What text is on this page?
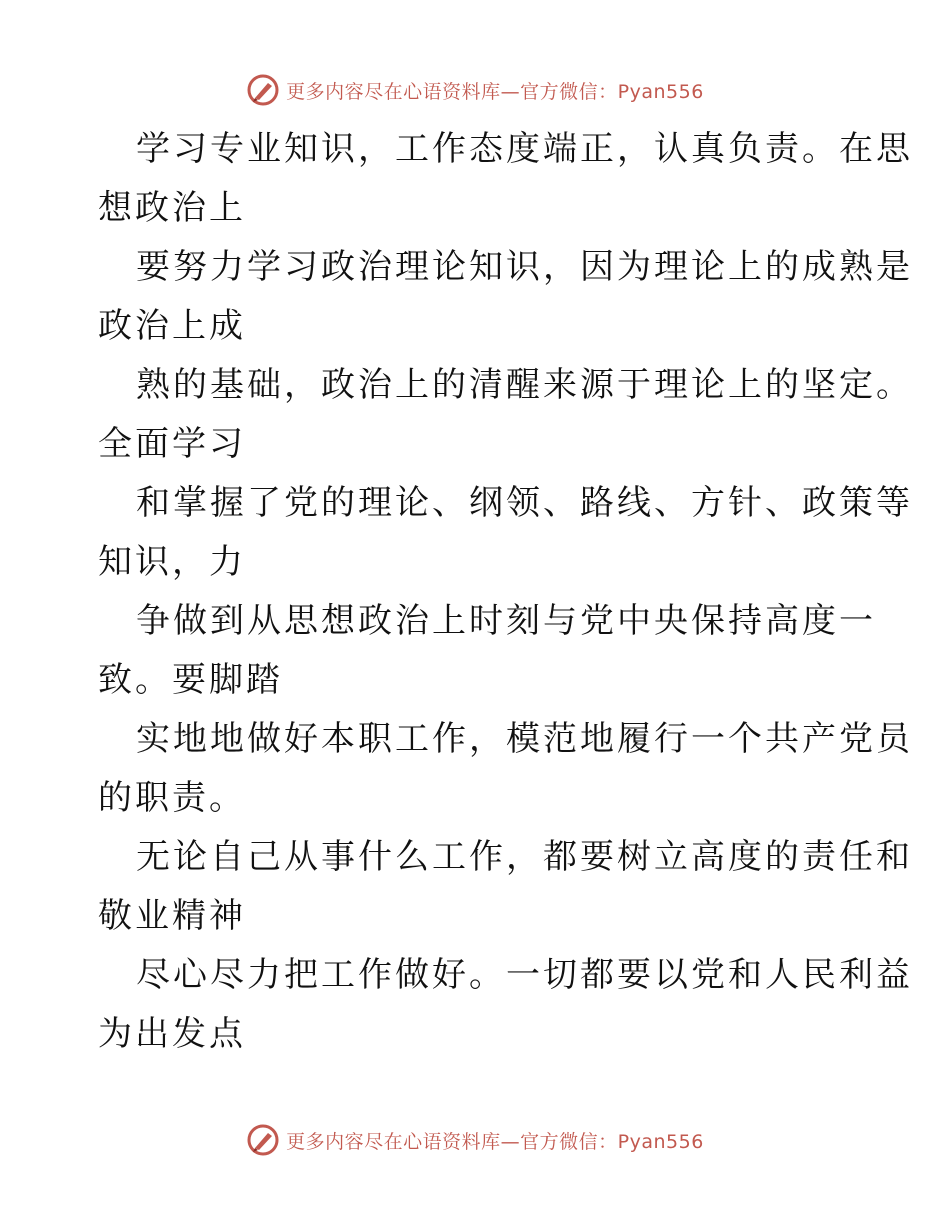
更多内容尽在心语资料库—官方微信：Pyan556

学习专业知识，工作态度端正，认真负责。在思
想政治上

要努力学习政治理论知识，因为理论上的成熟是
政治上成

熟的基础，政治上的清醒来源于理论上的坚定。
全面学习

和掌握了党的理论、纲领、路线、方针、政策等
知识，力

争做到从思想政治上时刻与党中央保持高度一
致。要脚踏

实地地做好本职工作，模范地履行一个共产党员
的职责。

无论自己从事什么工作，都要树立高度的责任和
敬业精神

尽心尽力把工作做好。一切都要以党和人民利益
为出发点

更多内容尽在心语资料库—官方微信：Pyan556
